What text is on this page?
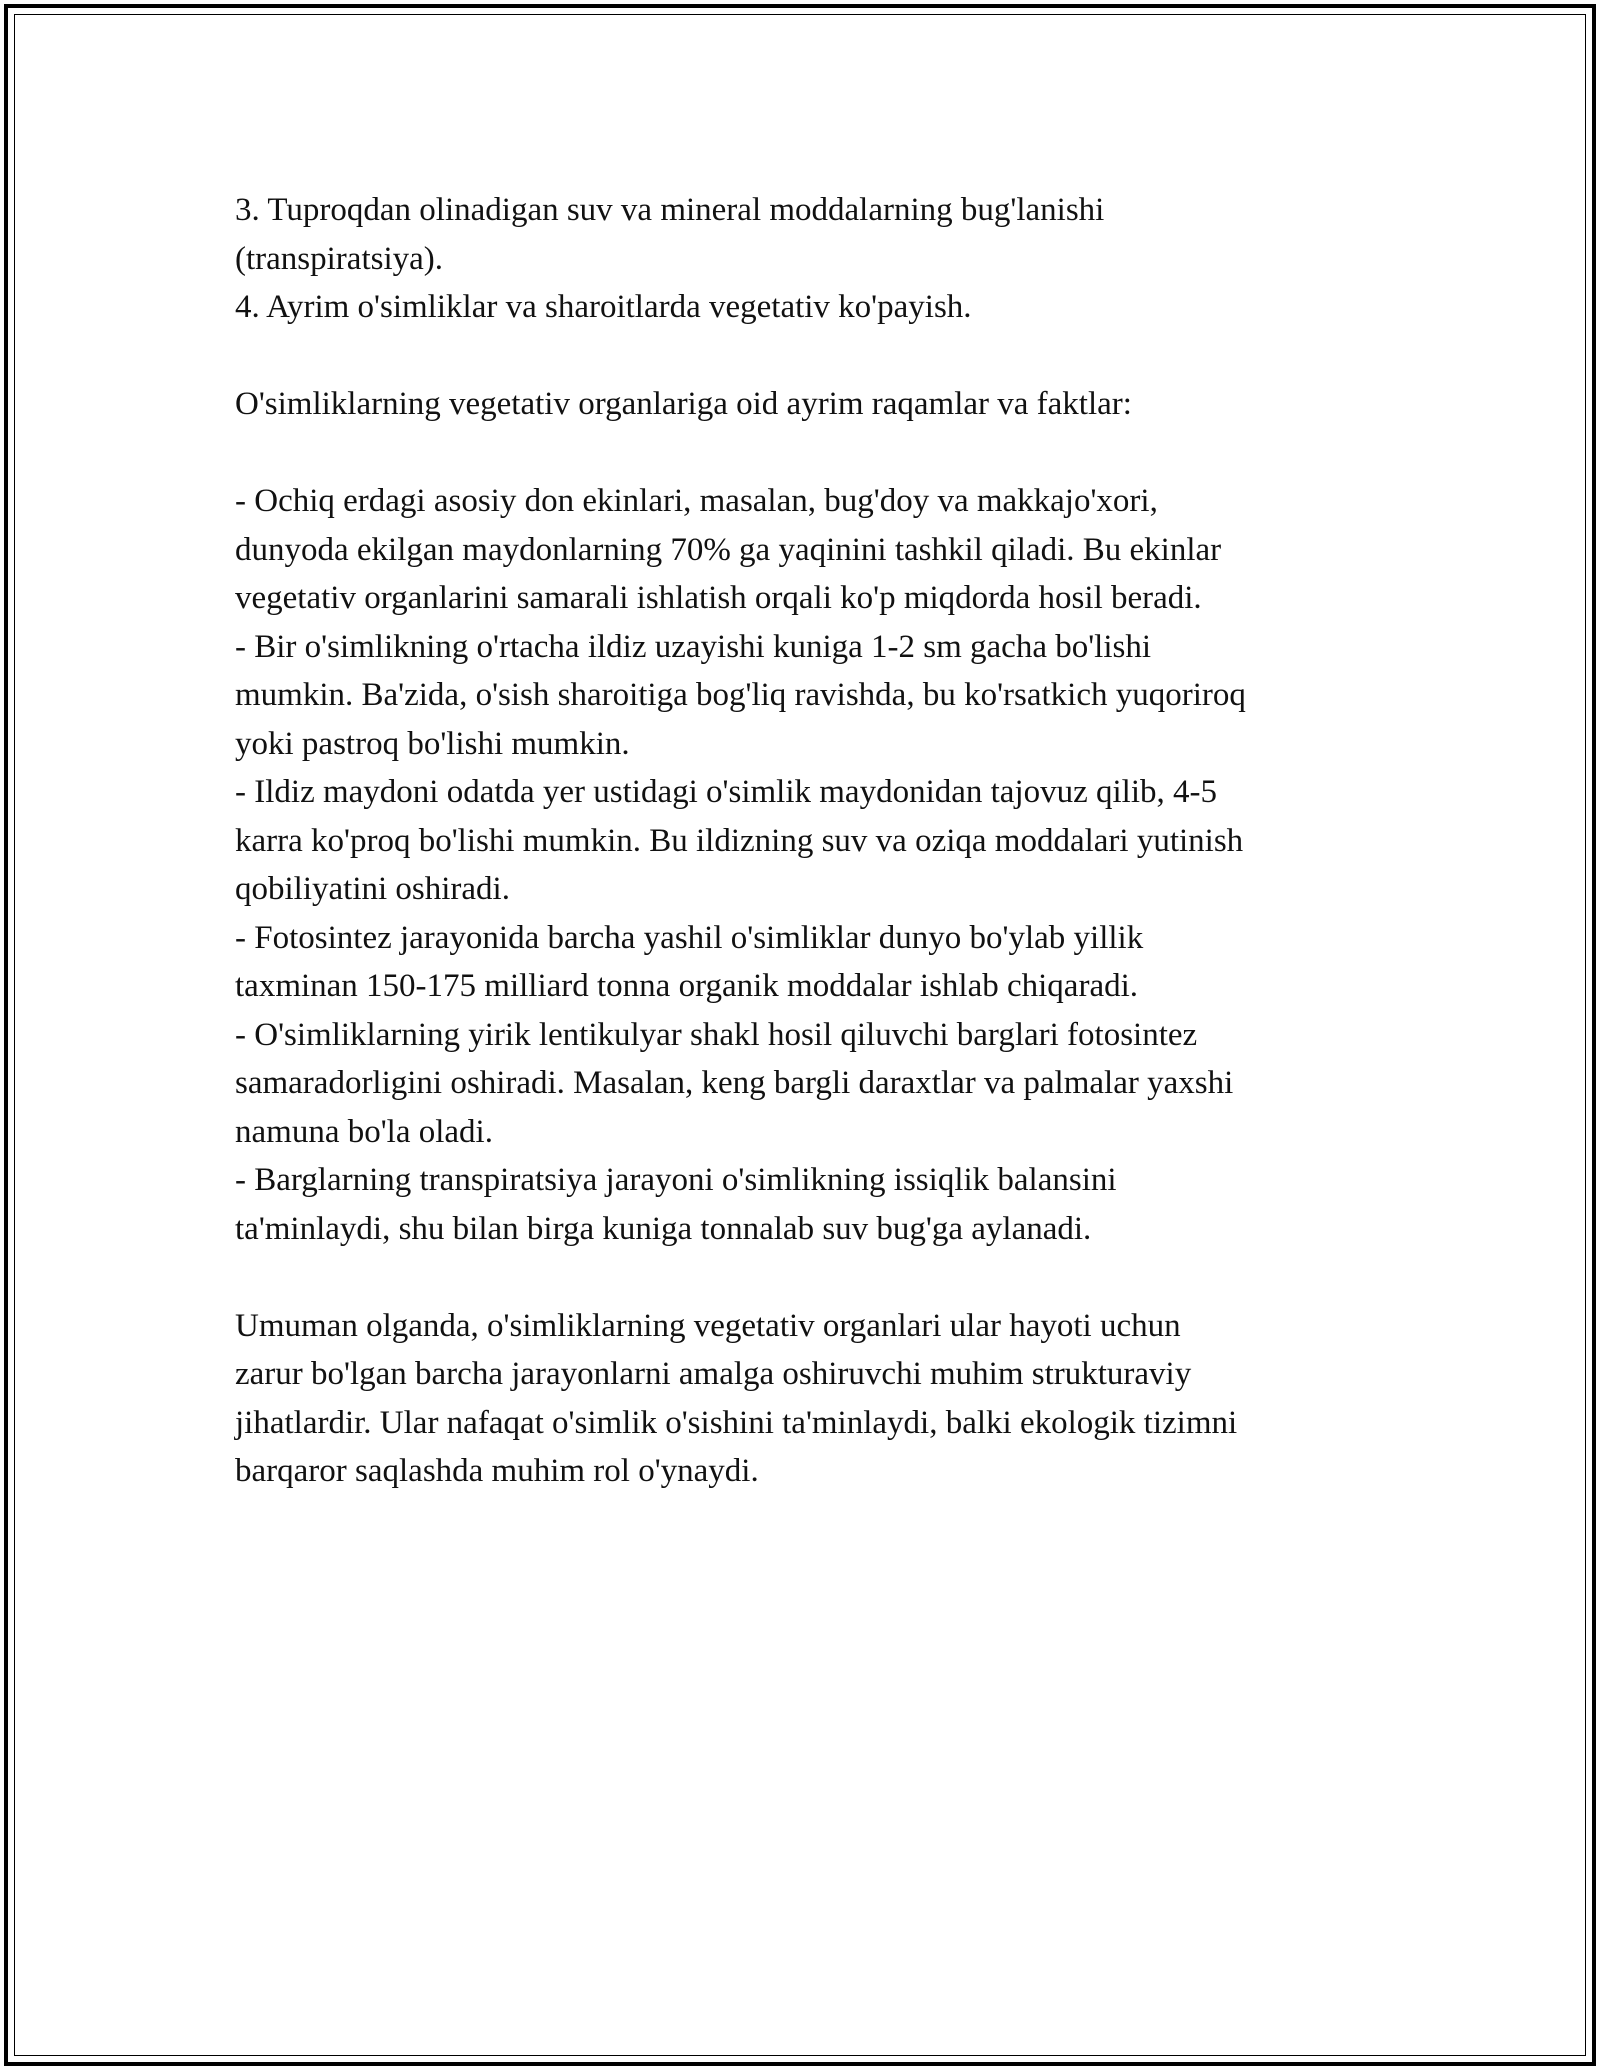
3. Tuproqdan olinadigan suv va mineral moddalarning bug'lanishi
(transpiratsiya).
4. Ayrim o'simliklar va sharoitlarda vegetativ ko'payish.
O'simliklarning vegetativ organlariga oid ayrim raqamlar va faktlar:
- Ochiq erdagi asosiy don ekinlari, masalan, bug'doy va makkajo'xori,
dunyoda ekilgan maydonlarning 70% ga yaqinini tashkil qiladi. Bu ekinlar
vegetativ organlarini samarali ishlatish orqali ko'p miqdorda hosil beradi.
- Bir o'simlikning o'rtacha ildiz uzayishi kuniga 1-2 sm gacha bo'lishi
mumkin. Ba'zida, o'sish sharoitiga bog'liq ravishda, bu ko'rsatkich yuqoriroq
yoki pastroq bo'lishi mumkin.
- Ildiz maydoni odatda yer ustidagi o'simlik maydonidan tajovuz qilib, 4-5
karra ko'proq bo'lishi mumkin. Bu ildizning suv va oziqa moddalari yutinish
qobiliyatini oshiradi.
- Fotosintez jarayonida barcha yashil o'simliklar dunyo bo'ylab yillik
taxminan 150-175 milliard tonna organik moddalar ishlab chiqaradi.
- O'simliklarning yirik lentikulyar shakl hosil qiluvchi barglari fotosintez
samaradorligini oshiradi. Masalan, keng bargli daraxtlar va palmalar yaxshi
namuna bo'la oladi.
- Barglarning transpiratsiya jarayoni o'simlikning issiqlik balansini
ta'minlaydi, shu bilan birga kuniga tonnalab suv bug'ga aylanadi.
Umuman olganda, o'simliklarning vegetativ organlari ular hayoti uchun
zarur bo'lgan barcha jarayonlarni amalga oshiruvchi muhim strukturaviy
jihatlardir. Ular nafaqat o'simlik o'sishini ta'minlaydi, balki ekologik tizimni
barqaror saqlashda muhim rol o'ynaydi.
